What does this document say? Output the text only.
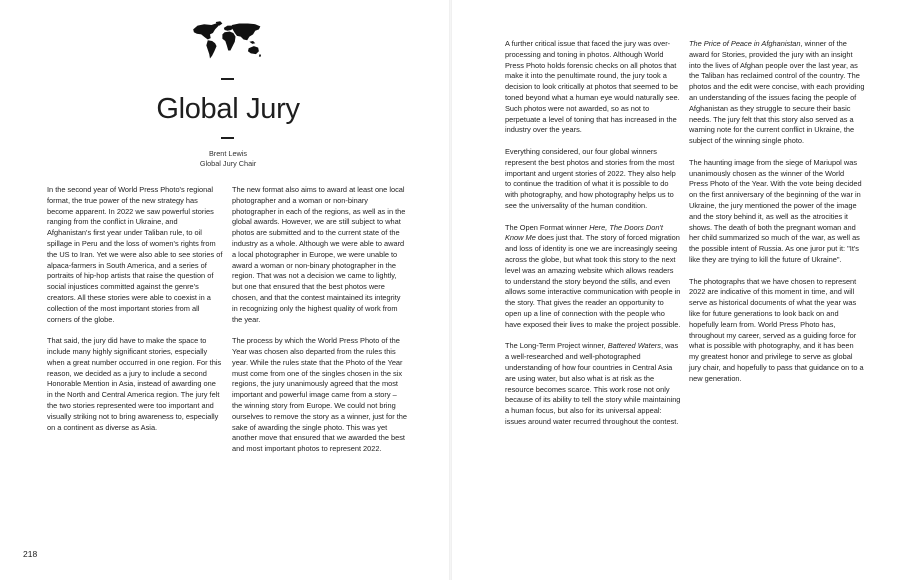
Global Jury
Brent Lewis
Global Jury Chair

In the second year of World Press Photo's regional format, the true power of the new strategy has become apparent. In 2022 we saw powerful stories ranging from the conflict in Ukraine, and Afghanistan's first year under Taliban rule, to oil spillage in Peru and the loss of women's rights from the US to Iran. Yet we were also able to see stories of alpaca-farmers in South America, and a series of portraits of hip-hop artists that raise the question of social injustices committed against the genre's creators. All these stories were able to coexist in a collection of the most important stories from all corners of the globe.

That said, the jury did have to make the space to include many highly significant stories, especially when a great number occurred in one region. For this reason, we decided as a jury to include a second Honorable Mention in Asia, instead of awarding one in the North and Central America region. The jury felt the two stories represented were too important and visually striking not to bring awareness to, especially on a continent as diverse as Asia.

The new format also aims to award at least one local photographer and a woman or non-binary photographer in each of the regions, as well as in the global awards. However, we are still subject to what photos are submitted and to the current state of the industry as a whole. Although we were able to award a local photographer in Europe, we were unable to award a woman or non-binary photographer in the region. That was not a decision we came to lightly, but one that ensured that the best photos were chosen, and that the contest maintained its integrity in recognizing only the highest quality of work from the year.

The process by which the World Press Photo of the Year was chosen also departed from the rules this year. While the rules state that the Photo of the Year must come from one of the singles chosen in the six regions, the jury unanimously agreed that the most important and powerful image came from a story – the winning story from Europe. We could not bring ourselves to remove the story as a winner, just for the sake of awarding the single photo. This was yet another move that ensured that we awarded the best and most important photos to represent 2022.

A further critical issue that faced the jury was over-processing and toning in photos. Although World Press Photo holds forensic checks on all photos that make it into the penultimate round, the jury took a decision to look critically at photos that seemed to be toned beyond what a human eye would naturally see. Such photos were not awarded, so as not to perpetuate a level of toning that has increased in the industry over the years.

Everything considered, our four global winners represent the best photos and stories from the most important and urgent stories of 2022. They also help to continue the tradition of what it is possible to do with photography, and how photography helps us to see the universality of the human condition.

The Open Format winner Here, The Doors Don't Know Me does just that. The story of forced migration and loss of identity is one we are increasingly seeing across the globe, but what took this story to the next level was an amazing website which allows readers to understand the story beyond the stills, and even allows some interactive communication with people in the story. That gives the reader an opportunity to open up a line of connection with the people who have exposed their lives to make the project possible.

The Long-Term Project winner, Battered Waters, was a well-researched and well-photographed understanding of how four countries in Central Asia are using water, but also what is at risk as the resource becomes scarce. This work rose not only because of its ability to tell the story while maintaining a human focus, but also for its universal appeal: issues around water recurred throughout the contest.

The Price of Peace in Afghanistan, winner of the award for Stories, provided the jury with an insight into the lives of Afghan people over the last year, as the Taliban has reclaimed control of the country. The photos and the edit were concise, with each providing an understanding of the issues facing the people of Afghanistan as they struggle to secure their basic needs. The jury felt that this story also served as a warning note for the current conflict in Ukraine, the subject of the winning single photo.

The haunting image from the siege of Mariupol was unanimously chosen as the winner of the World Press Photo of the Year. With the vote being decided on the first anniversary of the beginning of the war in Ukraine, the jury mentioned the power of the image and the story behind it, as well as the atrocities it shows. The death of both the pregnant woman and her child summarized so much of the war, as well as the possible intent of Russia. As one juror put it: "It's like they are trying to kill the future of Ukraine".

The photographs that we have chosen to represent 2022 are indicative of this moment in time, and will serve as historical documents of what the year was like for future generations to look back on and hopefully learn from. World Press Photo has, throughout my career, served as a guiding force for what is possible with photography, and it has been my greatest honor and privilege to serve as global jury chair, and hopefully to pass that guidance on to a new generation.

218
